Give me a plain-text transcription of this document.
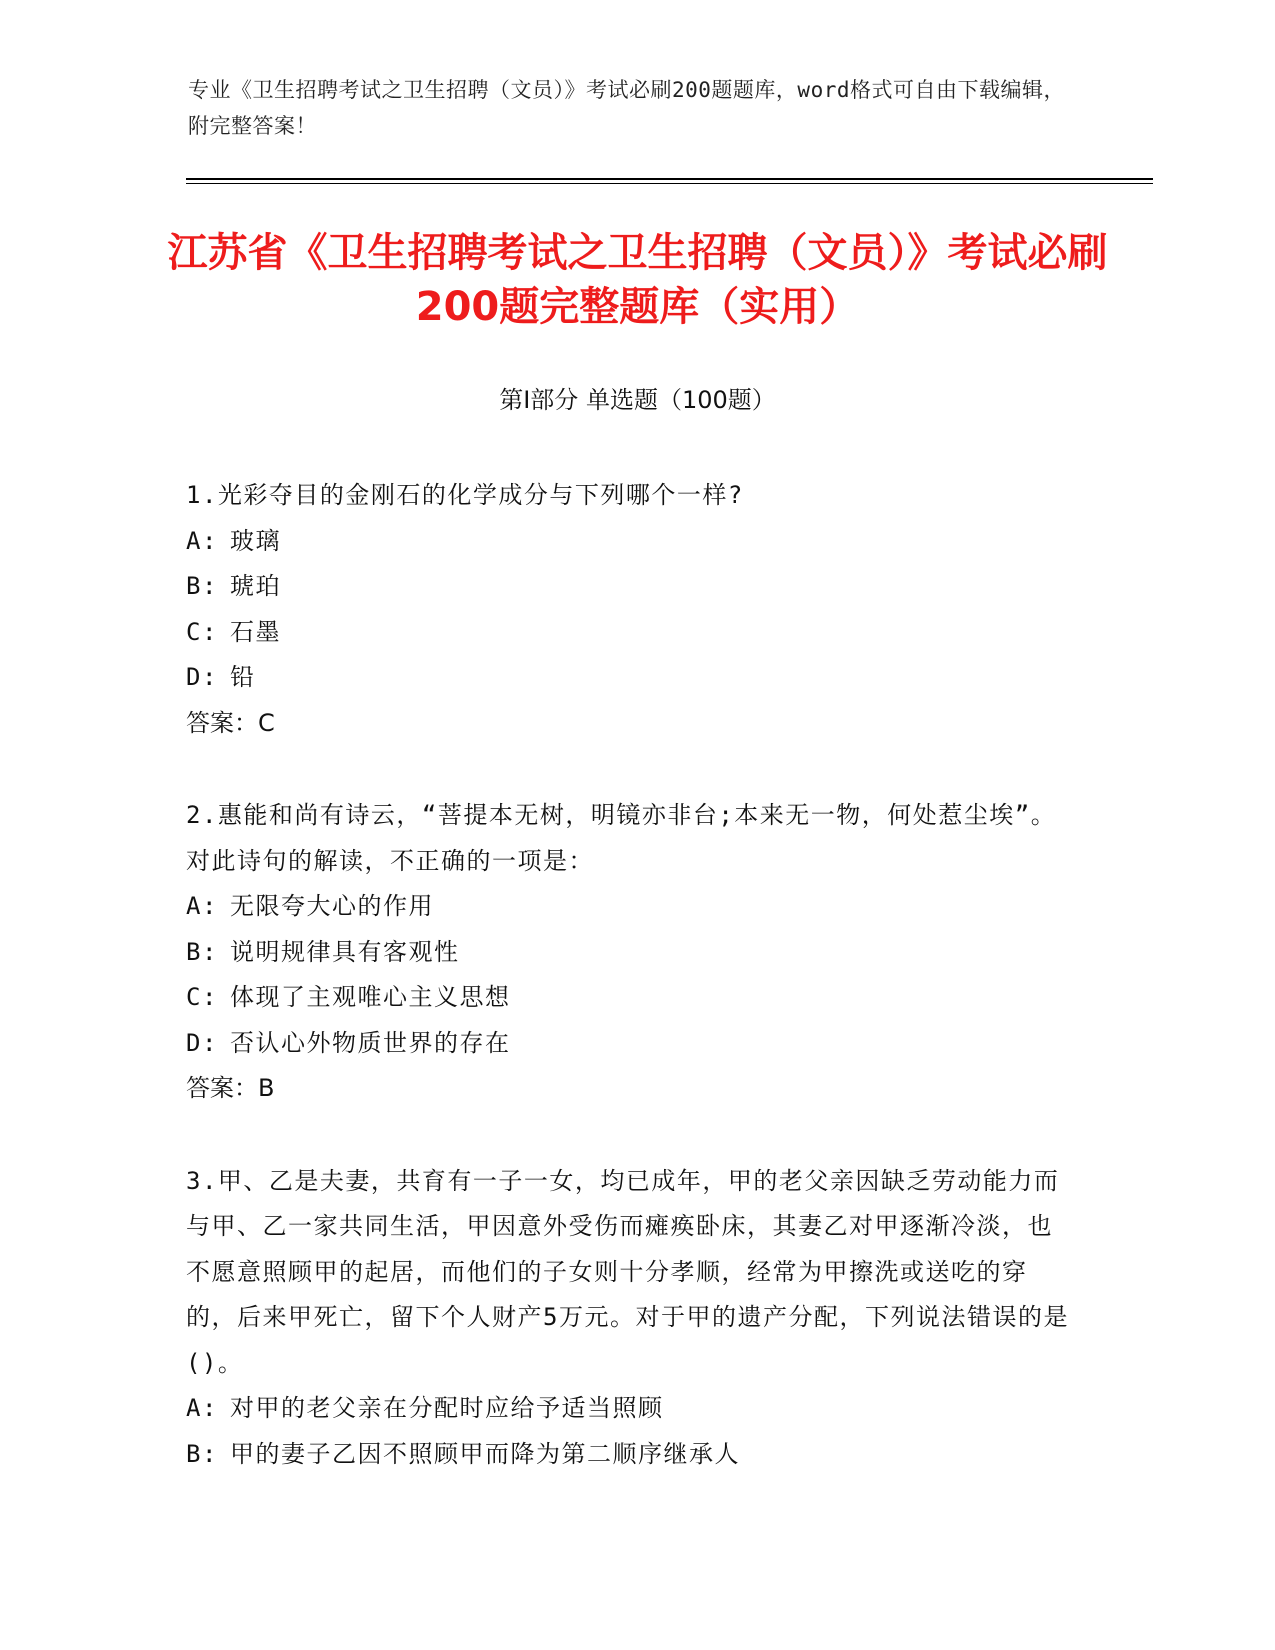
专业《卫生招聘考试之卫生招聘（文员）》考试必刷200题题库，word格式可自由下载编辑，附完整答案！
江苏省《卫生招聘考试之卫生招聘（文员）》考试必刷200题完整题库（实用）
第Ⅰ部分 单选题（100题）
1.光彩夺目的金刚石的化学成分与下列哪个一样?
A: 玻璃
B: 琥珀
C: 石墨
D: 铅
答案：C
2.惠能和尚有诗云，“菩提本无树，明镜亦非台;本来无一物，何处惹尘埃”。对此诗句的解读，不正确的一项是：
A: 无限夸大心的作用
B: 说明规律具有客观性
C: 体现了主观唯心主义思想
D: 否认心外物质世界的存在
答案：B
3.甲、乙是夫妻，共育有一子一女，均已成年，甲的老父亲因缺乏劳动能力而与甲、乙一家共同生活，甲因意外受伤而瘫痪卧床，其妻乙对甲逐渐冷淡，也不愿意照顾甲的起居，而他们的子女则十分孝顺，经常为甲擦洗或送吃的穿的，后来甲死亡，留下个人财产5万元。对于甲的遗产分配，下列说法错误的是()。
A: 对甲的老父亲在分配时应给予适当照顾
B: 甲的妻子乙因不照顾甲而降为第二顺序继承人
